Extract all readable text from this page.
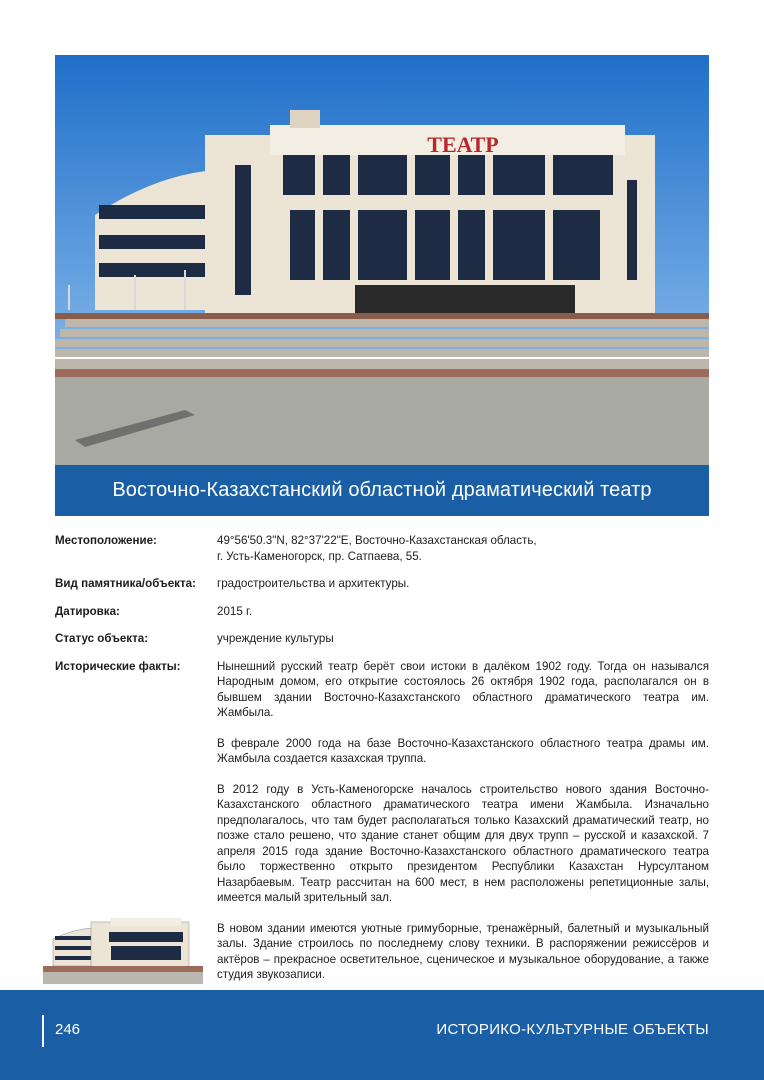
ТЕАТР
Восточно-Казахстанский областной драматический театр
Местоположение:	49°56'50.3"N, 82°37'22"E, Восточно-Казахстанская область,
г. Усть-Каменогорск, пр. Сатпаева, 55.
Вид памятника/объекта:	градостроительства и архитектуры.
Датировка:	2015 г.
Статус объекта:	учреждение культуры
Исторические факты:	Нынешний русский театр берёт свои истоки в далёком 1902 году. Тогда он назывался Народным домом, его открытие состоялось 26 октября 1902 года, располагался он в бывшем здании Восточно-Казахстанского областного драматического театра им. Жамбыла.

В феврале 2000 года на базе Восточно-Казахстанского областного театра драмы им. Жамбыла создается казахская труппа.

В 2012 году в Усть-Каменогорске началось строительство нового здания Восточно-Казахстанского областного драматического театра имени Жамбыла. Изначально предполагалось, что там будет располагаться только Казахский драматический театр, но позже стало решено, что здание станет общим для двух трупп – русской и казахской. 7 апреля 2015 года здание Восточно-Казахстанского областного драматического театра было торжественно открыто президентом Республики Казахстан Нурсултаном Назарбаевым. Театр рассчитан на 600 мест, в нем расположены репетиционные залы, имеется малый зрительный зал.

В новом здании имеются уютные гримуборные, тренажёрный, балетный и музыкальный залы. Здание строилось по последнему слову техники. В распоряжении режиссёров и актёров – прекрасное осветительное, сценическое и музыкальное оборудование, а также студия звукозаписи.

246	ИСТОРИКО-КУЛЬТУРНЫЕ ОБЪЕКТЫ
